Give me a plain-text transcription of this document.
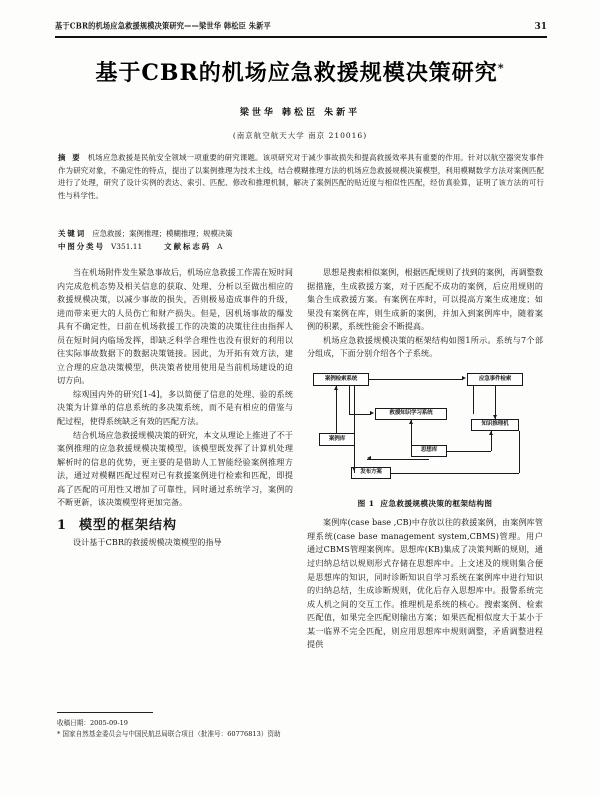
基于CBR的机场应急救援规模决策研究——梁世华 韩松臣 朱新平	31
基于CBR的机场应急救援规模决策研究*
梁世华 韩松臣 朱新平
(南京航空航天大学 南京 210016)
摘 要 机场应急救援是民航安全领域一项重要的研究课题。该项研究对于减少事故损失和提高救援效率具有重要的作用。针对以航空器突发事件作为研究对象，不确定性的特点，提出了以案例推理为技术主线，结合模糊推理方法的机场应急救援规模决策模型，利用模糊数学方法对案例匹配进行了处理，研究了设计实例的表达、索引、匹配、修改和推理机制，解决了案例匹配的贴近度与相似性匹配，经仿真验算，证明了该方法的可行性与科学性。
关键词 应急救援；案例推理；模糊推理；规模决策
中图分类号 V351.11	文献标志码 A

当在机场附件发生紧急事故后，机场应急救援工作需在短时间内完成危机态势及相关信息的获取、处理、分析以至做出相应的救援规模决策，以减少事故的损失，否则极易造成事件的升级，进而带来更大的人员伤亡和财产损失。但是，因机场事故的爆发具有不确定性，日前在机场救援工作的决策的决策往往由指挥人员在短时间内临场发挥，即缺乏科学合理性也没有很好的利用以往实际事故数据下的数据决策链接。因此，为开拓有效方法，建立合理的应急决策模型，供决策者使用使用是当前机场建设的迫切方向。

综观国内外的研究[1-4]，多以简便了信息的处理、验的系统决策为计算单的信息系统的多决策系统，而不是有相应的借鉴与配过程，使得系统缺乏有效的匹配方法。

结合机场应急救援规模决策的研究，本文从理论上推进了不于案例推理的应急救援规模决策模型，该模型既发挥了计算机处理解析时的信息的优势，更主要的是借助人工智能经验案例推理方法，通过对模糊匹配过程对已有救援案例进行检索和匹配，即提高了匹配的可用性又增加了可靠性，同时通过系统学习，案例的不断更新，该决策模型将更加完备。

1 模型的框架结构

设计基于CBR的救援规模决策模型的指导

思想是搜索相似案例，根据匹配规则了找到的案例，再调整数据措施，生成救援方案，对于匹配不成功的案例，后应用规则的集合生成救援方案。有案例在库时，可以提高方案生成速度；如果没有案例在库，则生成新的案例，并加入到案例库中，随着案例的积累，系统性能会不断提高。

机场应急救援规模决策的框架结构如图1所示。系统与7个部分组成，下面分别介绍各个子系统。

案例检索系统	应急事件检索
救援知识学习系统
案例库
思想库
知识推理机
发布方案
图 1 应急救援规模决策的框架结构图

案例库(case base ,CB)中存放以往的救援案例，由案例库管理系统(case base management system,CBMS)管理。用户通过CBMS管理案例库。思想库(KB)集成了决策判断的规则，通过归纳总结以规则形式存储在思想库中。上文述及的规则集合便是思想库的知识，同时诊断知识自学习系统在案例库中进行知识的归纳总结，生成诊断规则，优化后存入思想库中。报警系统完成人机之间的交互工作。推理机是系统的核心。搜索案例、检索匹配值，如果完全匹配则输出方案；如果匹配相似度大于某小于某一临界不完全匹配，则应用思想库中规则调整，矛盾调整进程提供

收稿日期：2005-09-19
* 国家自然基金委员会与中国民航总局联合项目（批准号：60776813）资助
